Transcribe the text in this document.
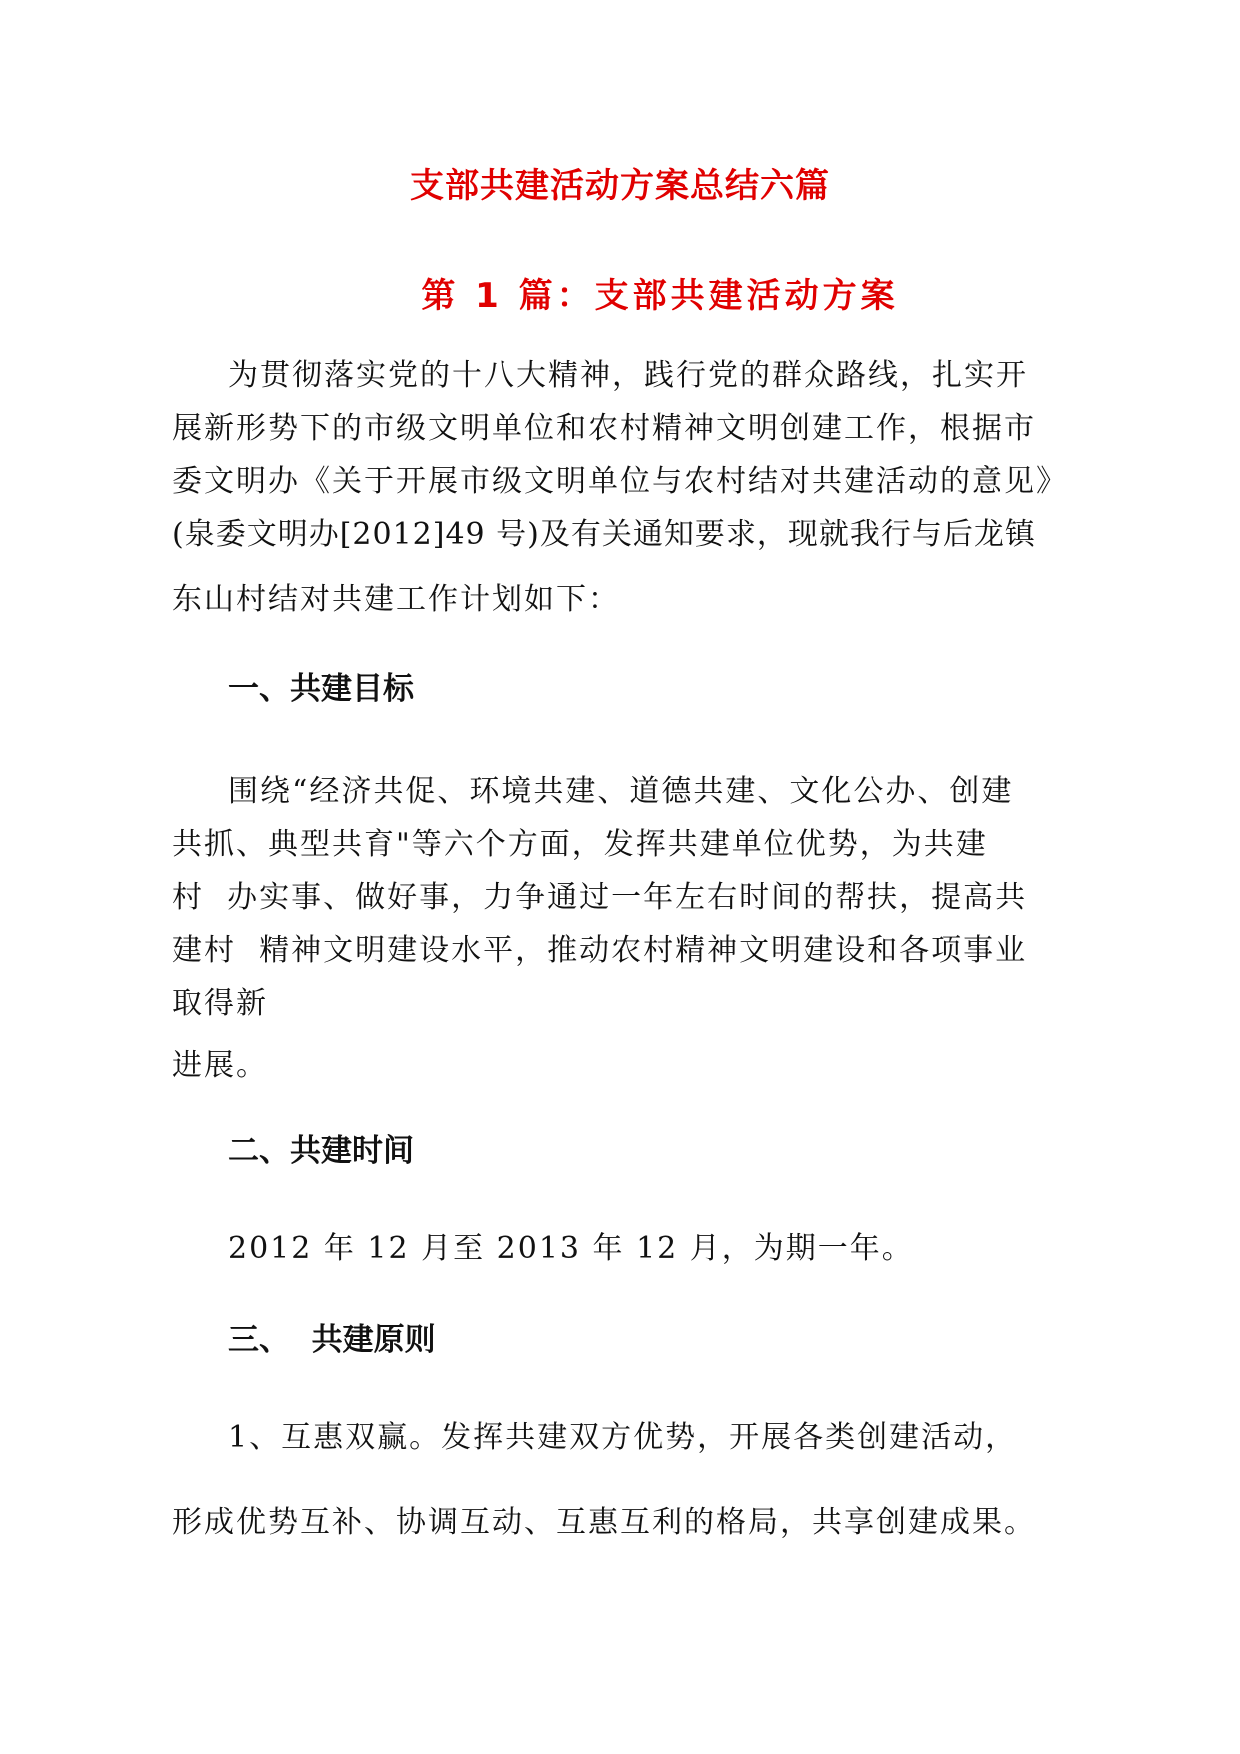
支部共建活动方案总结六篇
第 1 篇：支部共建活动方案
为贯彻落实党的十八大精神，践行党的群众路线，扎实开
展新形势下的市级文明单位和农村精神文明创建工作，根据市
委文明办《关于开展市级文明单位与农村结对共建活动的意见》
(泉委文明办[2012]49 号)及有关通知要求，现就我行与后龙镇
东山村结对共建工作计划如下：
一、共建目标
围绕“经济共促、环境共建、道德共建、文化公办、创建
共抓、典型共育"等六个方面，发挥共建单位优势，为共建
村  办实事、做好事，力争通过一年左右时间的帮扶，提高共
建村  精神文明建设水平，推动农村精神文明建设和各项事业
取得新
进展。
二、共建时间
2012 年 12 月至 2013 年 12 月，为期一年。
三、  共建原则
1、互惠双赢。发挥共建双方优势，开展各类创建活动，
形成优势互补、协调互动、互惠互利的格局，共享创建成果。
